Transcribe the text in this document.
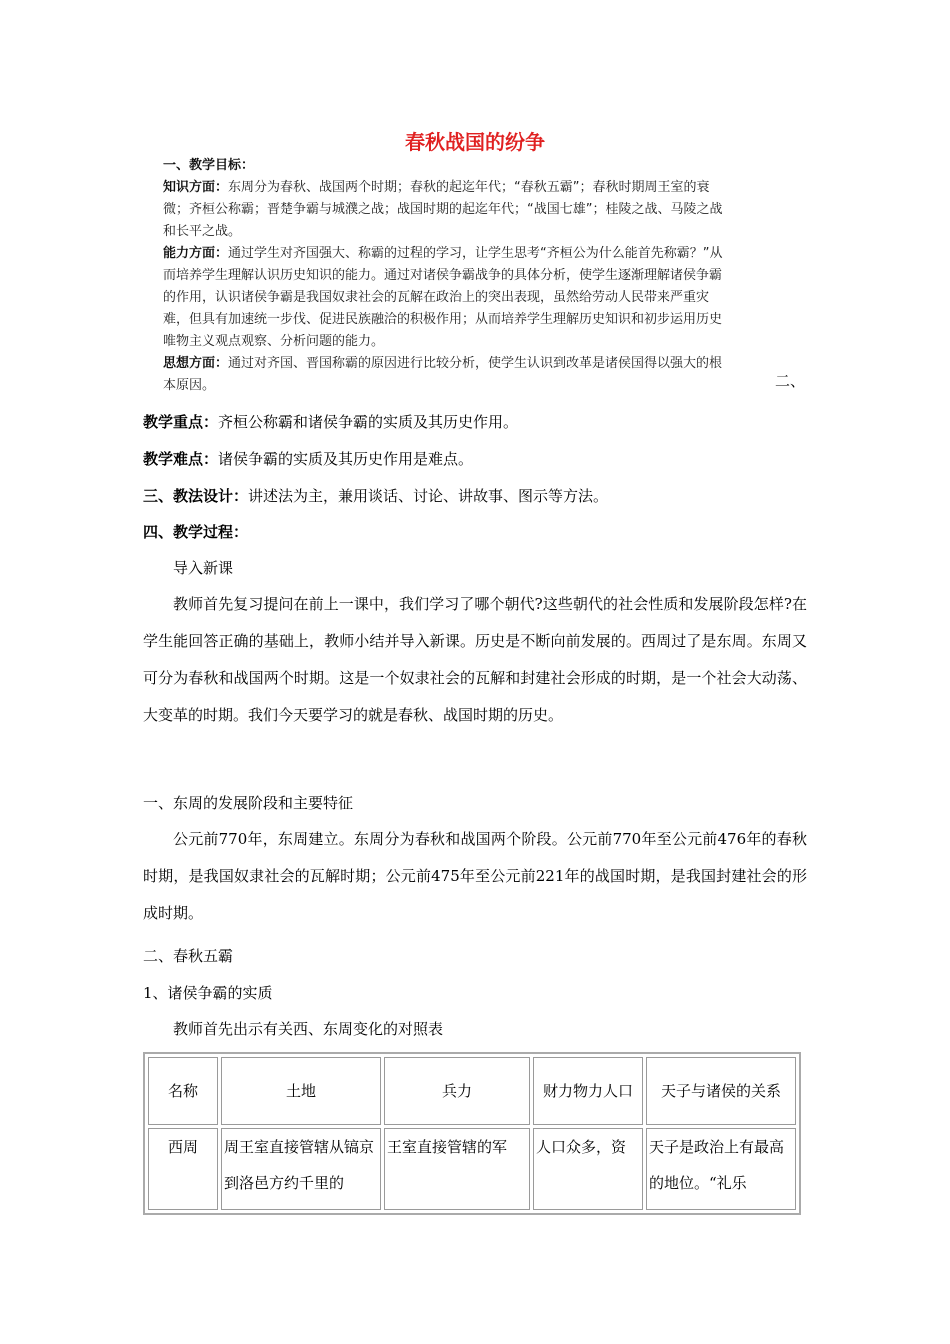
春秋战国的纷争

一、教学目标：

知识方面：东周分为春秋、战国两个时期；春秋的起迄年代；“春秋五霸”；春秋时期周王室的衰微；齐桓公称霸；晋楚争霸与城濮之战；战国时期的起迄年代；“战国七雄”；桂陵之战、马陵之战和长平之战。

能力方面：通过学生对齐国强大、称霸的过程的学习，让学生思考“齐桓公为什么能首先称霸？”从而培养学生理解认识历史知识的能力。通过对诸侯争霸战争的具体分析，使学生逐渐理解诸侯争霸的作用，认识诸侯争霸是我国奴隶社会的瓦解在政治上的突出表现，虽然给劳动人民带来严重灾难，但具有加速统一步伐、促进民族融洽的积极作用；从而培养学生理解历史知识和初步运用历史唯物主义观点观察、分析问题的能力。

思想方面：通过对齐国、晋国称霸的原因进行比较分析，使学生认识到改革是诸侯国得以强大的根本原因。	二、
教学重点：齐桓公称霸和诸侯争霸的实质及其历史作用。
教学难点：诸侯争霸的实质及其历史作用是难点。
三、教法设计：讲述法为主，兼用谈话、讨论、讲故事、图示等方法。
四、教学过程：
导入新课
教师首先复习提问在前上一课中，我们学习了哪个朝代?这些朝代的社会性质和发展阶段怎样?在学生能回答正确的基础上，教师小结并导入新课。历史是不断向前发展的。西周过了是东周。东周又可分为春秋和战国两个时期。这是一个奴隶社会的瓦解和封建社会形成的时期，是一个社会大动荡、大变革的时期。我们今天要学习的就是春秋、战国时期的历史。
一、东周的发展阶段和主要特征
公元前770年，东周建立。东周分为春秋和战国两个阶段。公元前770年至公元前476年的春秋时期，是我国奴隶社会的瓦解时期；公元前475年至公元前221年的战国时期，是我国封建社会的形成时期。
二、春秋五霸
1、诸侯争霸的实质
教师首先出示有关西、东周变化的对照表
名称	土地	兵力	财力物力人口	天子与诸侯的关系
西周	周王室直接管辖从镐京到洛邑方约千里的	王室直接管辖的军	人口众多，资	天子是政治上有最高的地位。“礼乐
